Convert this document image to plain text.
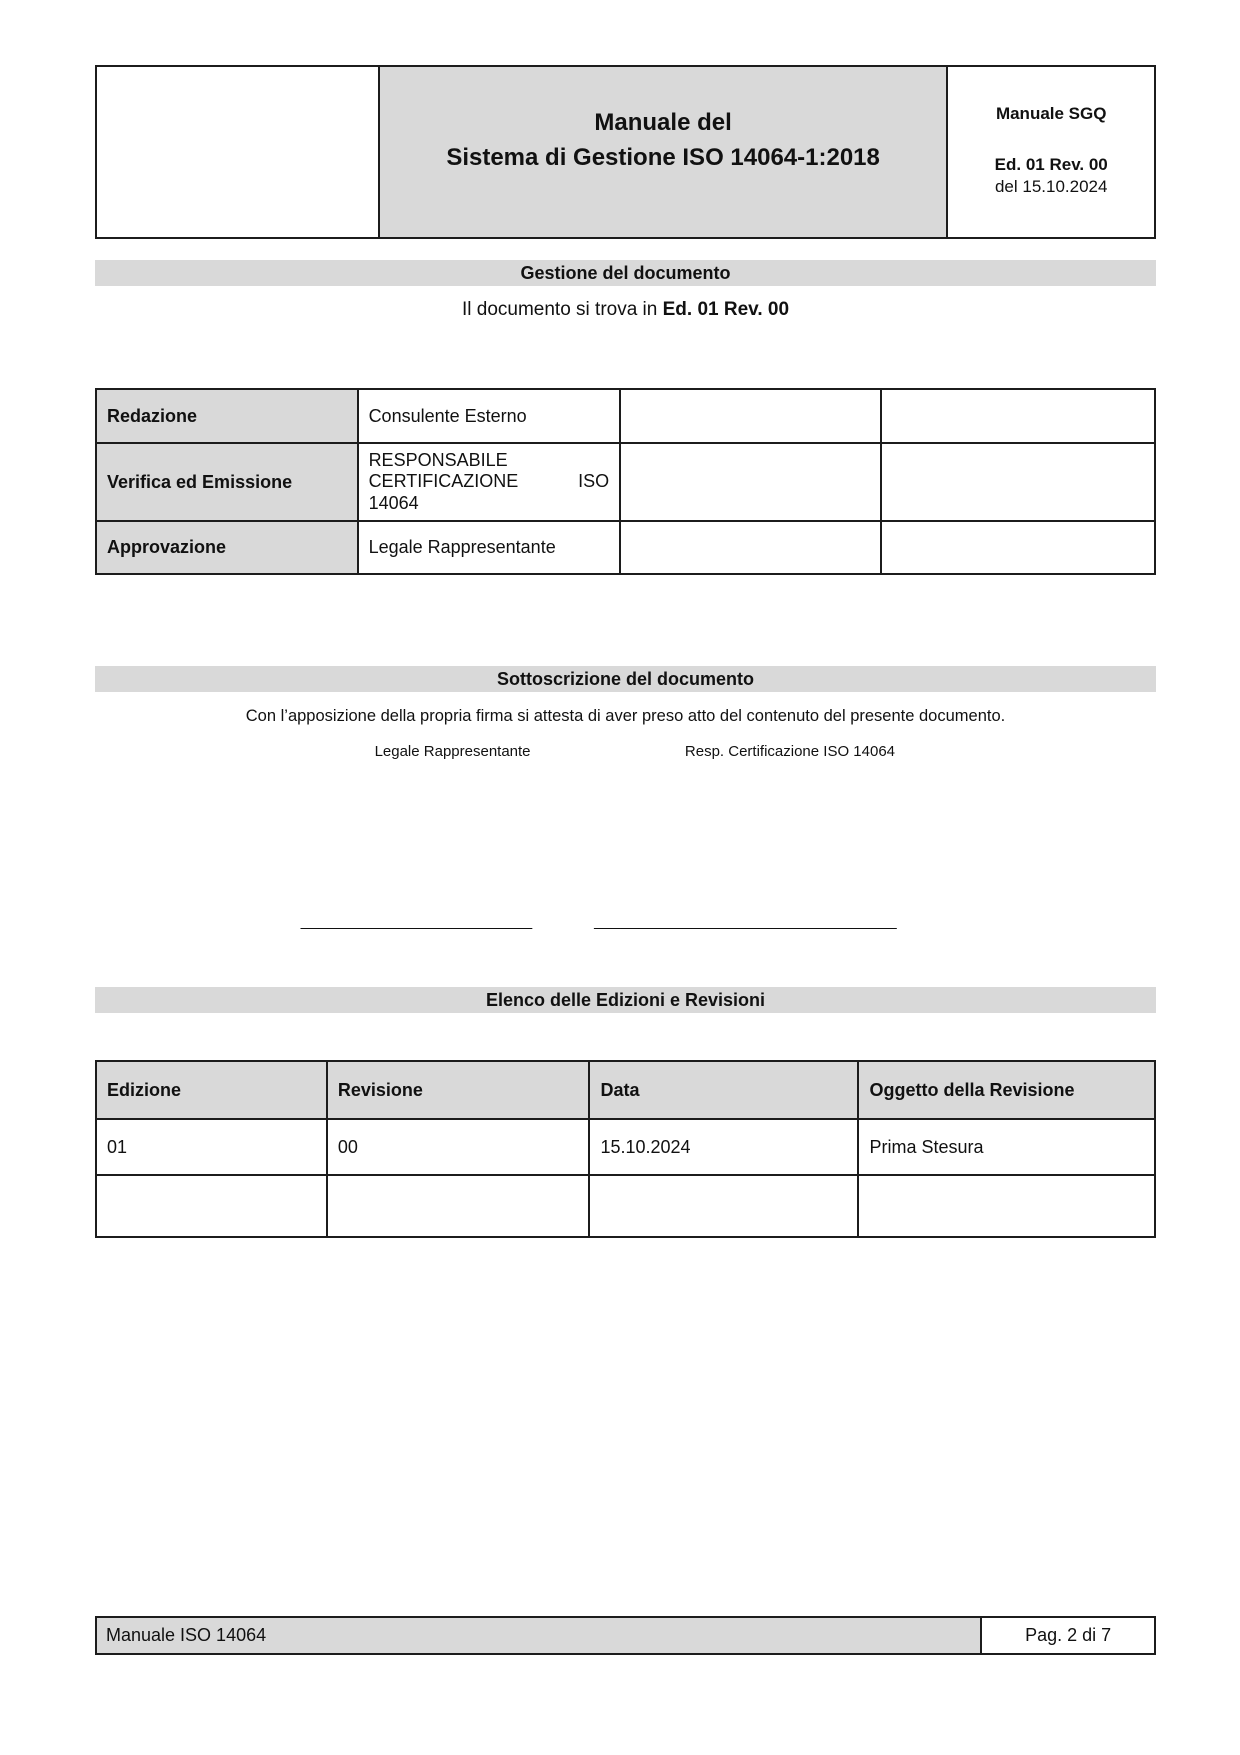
Manuale del
Sistema di Gestione ISO 14064-1:2018

Manuale SGQ
Ed. 01 Rev. 00
del 15.10.2024
Gestione del documento
Il documento si trova in Ed. 01 Rev. 00
Redazione	Consulente Esterno		
Verifica ed Emissione	RESPONSABILE CERTIFICAZIONE ISO 14064		
Approvazione	Legale Rappresentante		
Sottoscrizione del documento
Con l’apposizione della propria firma si attesta di aver preso atto del contenuto del presente documento.
Legale Rappresentante	Resp. Certificazione ISO 14064
__________________________	__________________________________
Elenco delle Edizioni e Revisioni
Edizione	Revisione	Data	Oggetto della Revisione
01	00	15.10.2024	Prima Stesura

Manuale ISO 14064	Pag. 2 di 7
